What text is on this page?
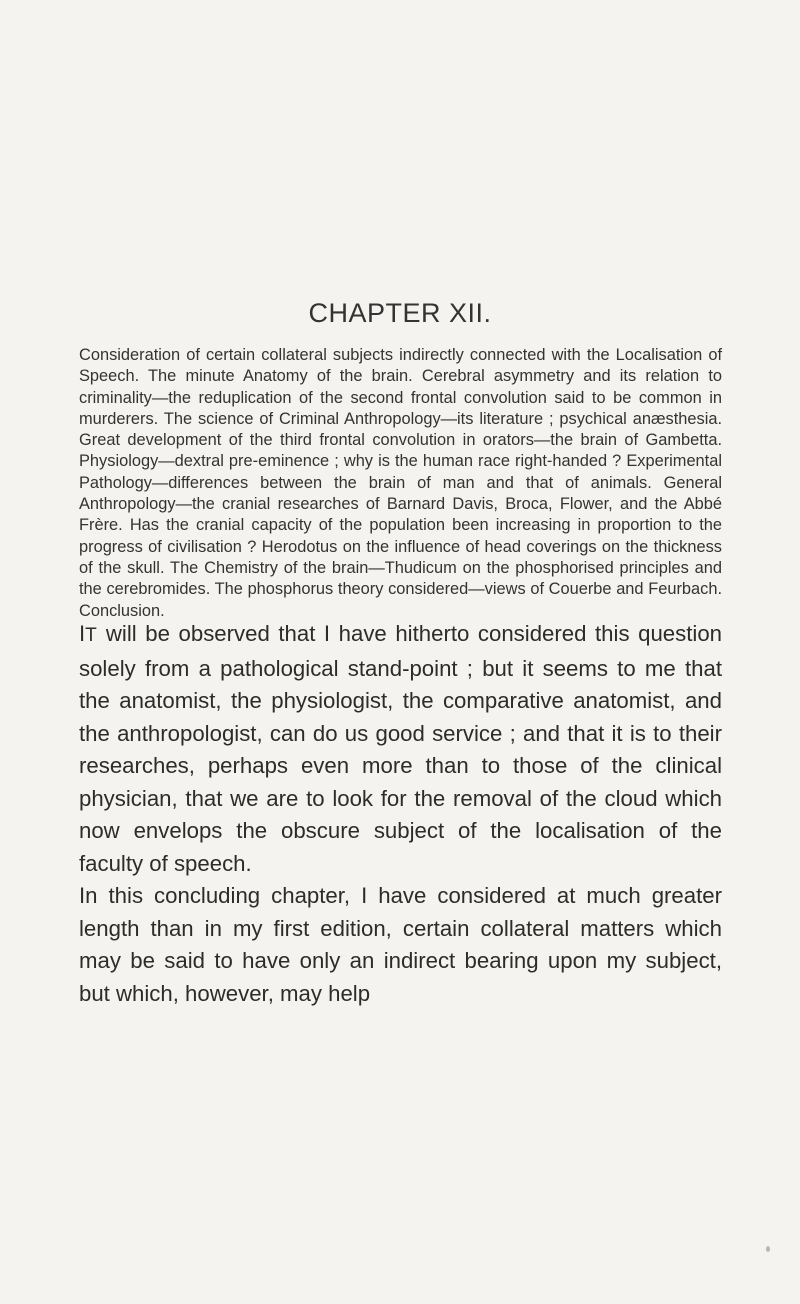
CHAPTER XII.

Consideration of certain collateral subjects indirectly connected with the Localisation of Speech. The minute Anatomy of the brain. Cerebral asymmetry and its relation to criminality—the reduplication of the second frontal convolution said to be common in murderers. The science of Criminal Anthropology—its literature ; psychical anæsthesia. Great development of the third frontal convolution in orators—the brain of Gambetta. Physiology—dextral pre-eminence ; why is the human race right-handed ? Experimental Pathology—differences between the brain of man and that of animals. General Anthropology—the cranial researches of Barnard Davis, Broca, Flower, and the Abbé Frère. Has the cranial capacity of the population been increasing in proportion to the progress of civilisation ? Herodotus on the influence of head coverings on the thickness of the skull. The Chemistry of the brain—Thudicum on the phosphorised principles and the cerebromides. The phosphorus theory considered—views of Couerbe and Feurbach. Conclusion.

IT will be observed that I have hitherto considered this question solely from a pathological stand-point ; but it seems to me that the anatomist, the physiologist, the comparative anatomist, and the anthropologist, can do us good service ; and that it is to their researches, perhaps even more than to those of the clinical physician, that we are to look for the removal of the cloud which now envelops the obscure subject of the localisation of the faculty of speech.

In this concluding chapter, I have considered at much greater length than in my first edition, certain collateral matters which may be said to have only an indirect bearing upon my subject, but which, however, may help
